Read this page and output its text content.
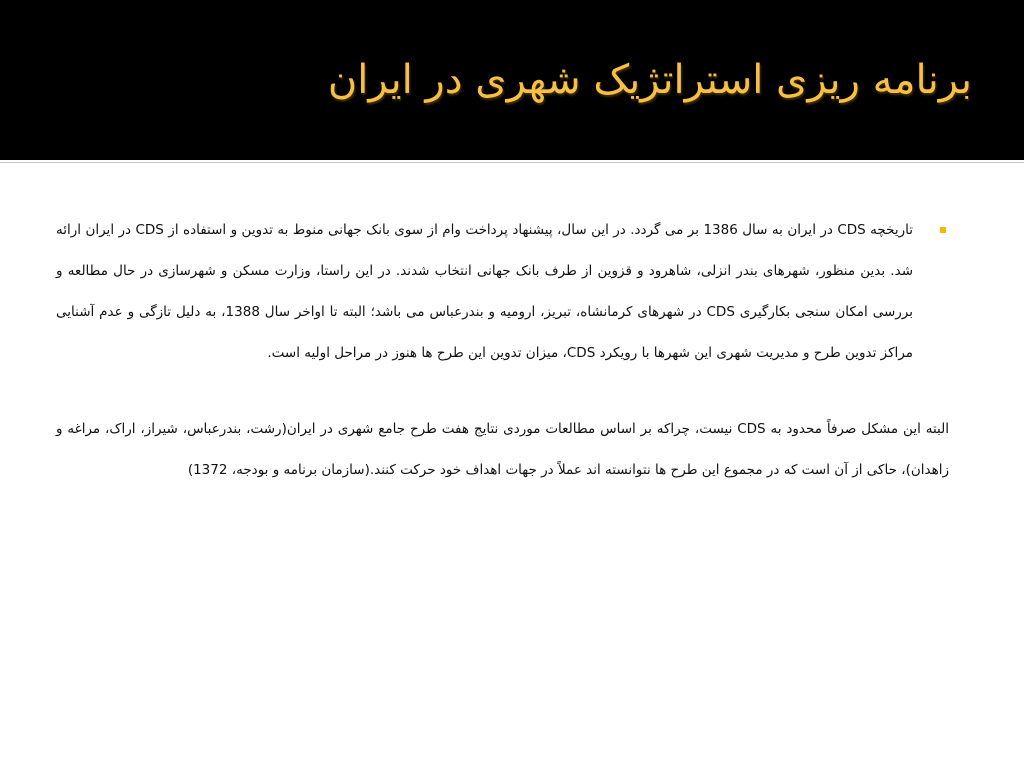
برنامه ریزی استراتژیک شهری در ایران

تاریخچه CDS در ایران به سال 1386 بر می گردد. در این سال، پیشنهاد پرداخت وام از سوی بانک جهانی منوط به تدوین و استفاده از CDS در ایران ارائه شد. بدین منظور، شهرهای بندر انزلی، شاهرود و قزوین از طرف بانک جهانی انتخاب شدند. در این راستا، وزارت مسکن و شهرسازی در حال مطالعه و بررسی امکان سنجی بکارگیری CDS در شهرهای کرمانشاه، تبریز، ارومیه و بندرعباس می باشد؛ البته تا اواخر سال 1388، به دلیل تازگی و عدم آشنایی مراکز تدوین طرح و مدیریت شهری این شهرها با رویکرد CDS، میزان تدوین این طرح ها هنوز در مراحل اولیه است.

البته این مشکل صرفاً محدود به CDS نیست، چراکه بر اساس مطالعات موردی نتایج هفت طرح جامع شهری در ایران(رشت، بندرعباس، شیراز، اراک، مراغه و زاهدان)، حاکی از آن است که در مجموع این طرح ها نتوانسته اند عملاً در جهات اهداف خود حرکت کنند.(سازمان برنامه و بودجه، 1372)
